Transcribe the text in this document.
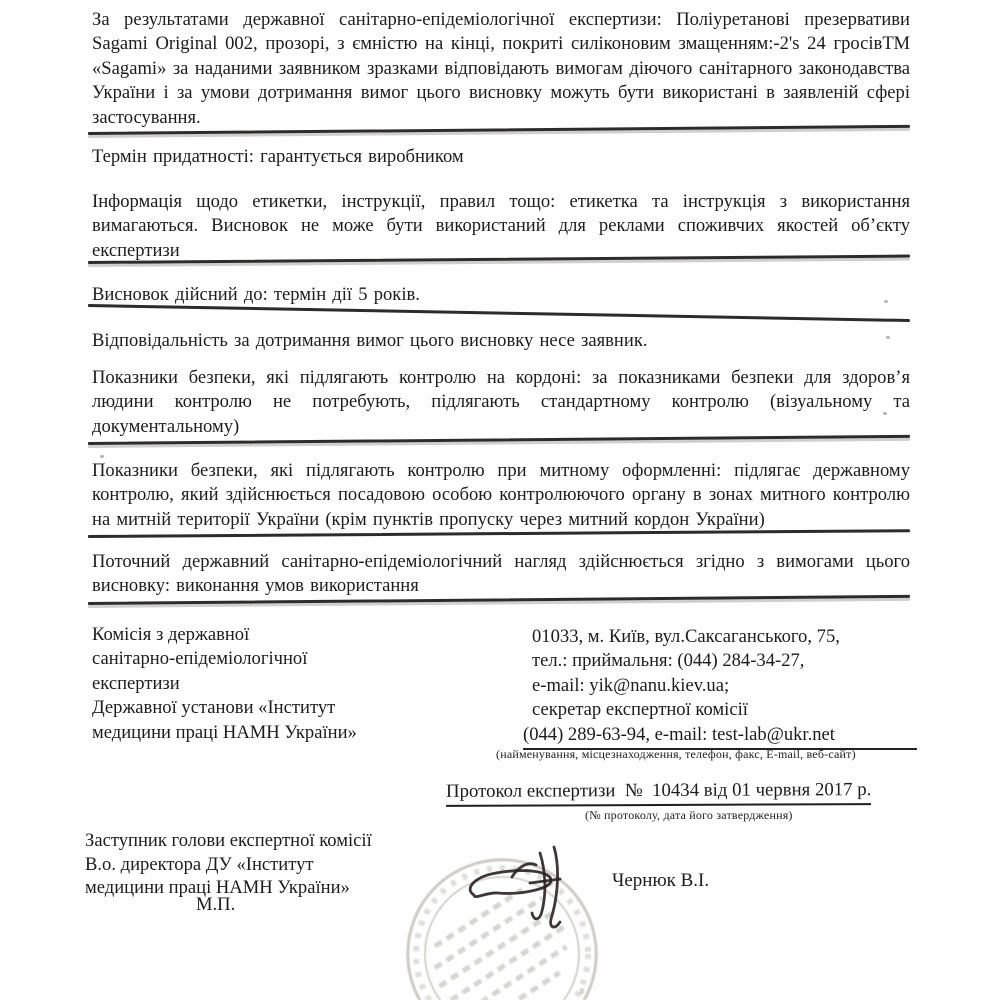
За результатами державної санітарно-епідеміологічної експертизи: Поліуретанові презервативи Sagami Original 002, прозорі, з ємністю на кінці, покриті силіконовим змащенням:-2's 24 гросівТМ «Sagami» за наданими заявником зразками відповідають вимогам діючого санітарного законодавства України і за умови дотримання вимог цього висновку можуть бути використані в заявленій сфері застосування.

Термін придатності: гарантується виробником

Інформація щодо етикетки, інструкції, правил тощо: етикетка та інструкція з використання вимагаються. Висновок не може бути використаний для реклами споживчих якостей об’єкту експертизи

Висновок дійсний до: термін дії 5 років.

Відповідальність за дотримання вимог цього висновку несе заявник.

Показники безпеки, які підлягають контролю на кордоні: за показниками безпеки для здоров’я людини контролю не потребують, підлягають стандартному контролю (візуальному та документальному)

Показники безпеки, які підлягають контролю при митному оформленні: підлягає державному контролю, який здійснюється посадовою особою контролюючого органу в зонах митного контролю на митній території України (крім пунктів пропуску через митний кордон України)

Поточний державний санітарно-епідеміологічний нагляд здійснюється згідно з вимогами цього висновку: виконання умов використання

Комісія з державної
санітарно-епідеміологічної
експертизи
Державної установи «Інститут
медицини праці НАМН України»

01033, м. Київ, вул.Саксаганського, 75,
тел.: приймальня: (044) 284-34-27,
e-mail: yik@nanu.kiev.ua;
секретар експертної комісії
(044) 289-63-94, e-mail: test-lab@ukr.net

(найменування, місцезнаходження, телефон, факс, E-mail, веб-сайт)
Протокол експертизи  №  10434 від 01 червня 2017 р.
(№ протоколу, дата його затвердження)

Заступник голови експертної комісії
В.о. директора ДУ «Інститут
медицини праці НАМН України»

М.П.
Чернюк В.І.
